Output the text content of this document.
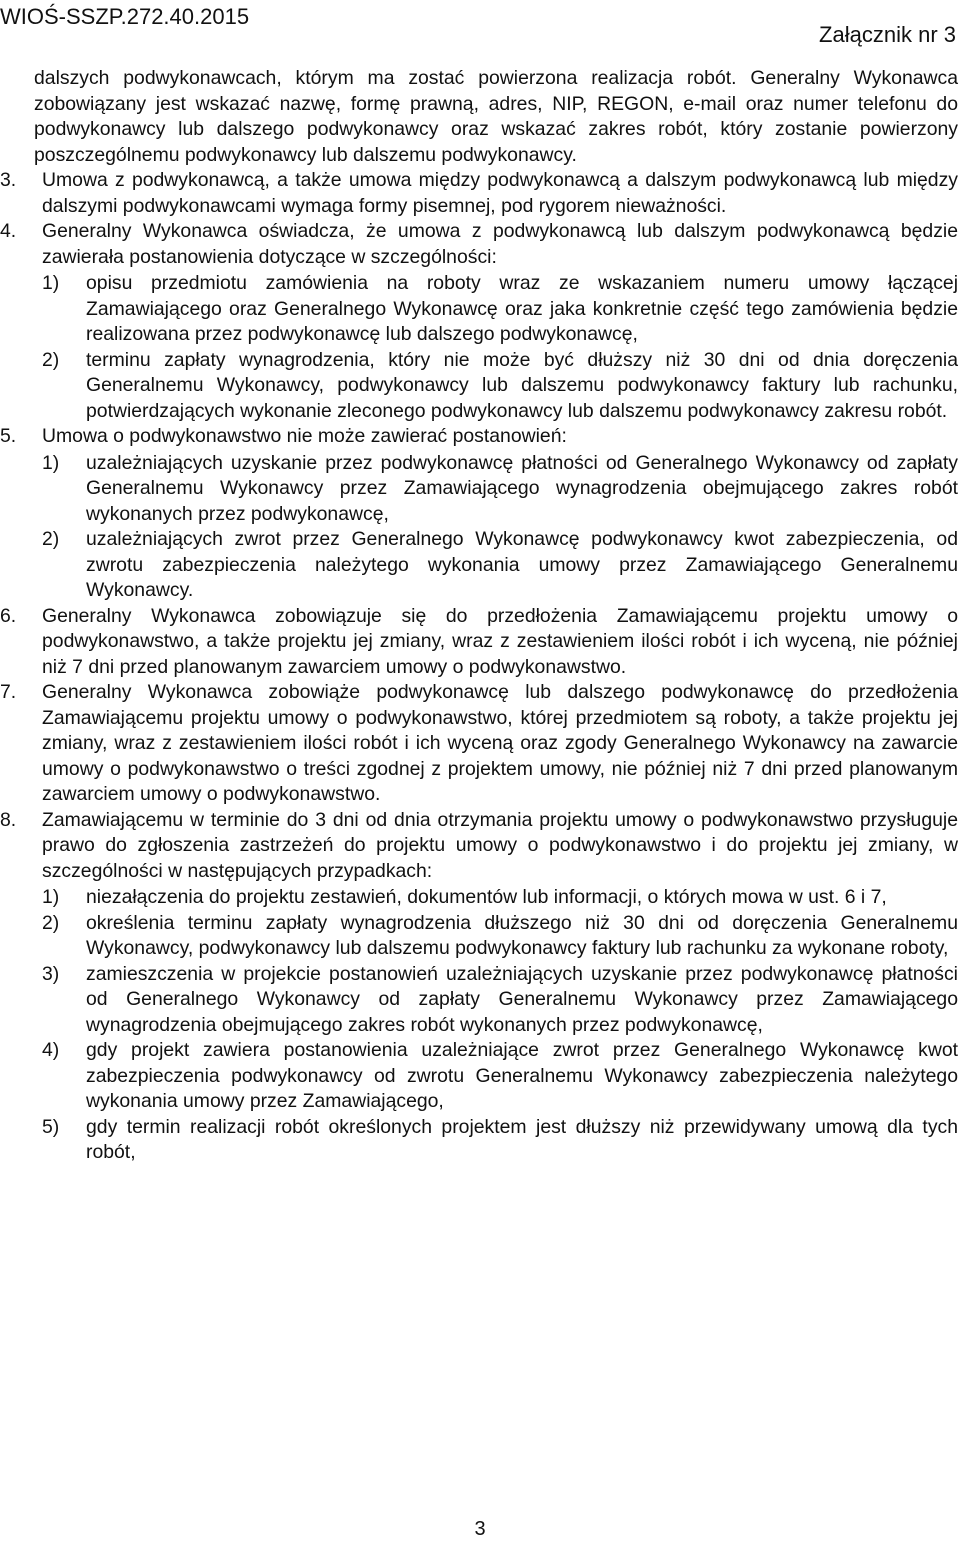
WIOŚ-SSZP.272.40.2015
Załącznik nr 3
dalszych podwykonawcach, którym ma zostać powierzona realizacja robót. Generalny Wykonawca zobowiązany jest wskazać nazwę, formę prawną, adres, NIP, REGON, e-mail oraz numer telefonu do podwykonawcy lub dalszego podwykonawcy oraz wskazać zakres robót, który zostanie powierzony poszczególnemu podwykonawcy lub dalszemu podwykonawcy.
3.	Umowa z podwykonawcą, a także umowa między podwykonawcą a dalszym podwykonawcą lub między dalszymi podwykonawcami wymaga formy pisemnej, pod rygorem nieważności.
4.	Generalny Wykonawca oświadcza, że umowa z podwykonawcą lub dalszym podwykonawcą będzie zawierała postanowienia dotyczące w szczególności:
1)	opisu przedmiotu zamówienia na roboty wraz ze wskazaniem numeru umowy łączącej Zamawiającego oraz Generalnego Wykonawcę oraz jaka konkretnie część tego zamówienia będzie realizowana przez podwykonawcę lub dalszego podwykonawcę,
2)	terminu zapłaty wynagrodzenia, który nie może być dłuższy niż 30 dni od dnia doręczenia Generalnemu Wykonawcy, podwykonawcy lub dalszemu podwykonawcy faktury lub rachunku, potwierdzających wykonanie zleconego podwykonawcy lub dalszemu podwykonawcy zakresu robót.
5.	Umowa o podwykonawstwo nie może zawierać postanowień:
1)	uzależniających uzyskanie przez podwykonawcę płatności od Generalnego Wykonawcy od zapłaty Generalnemu Wykonawcy przez Zamawiającego wynagrodzenia obejmującego zakres robót wykonanych przez podwykonawcę,
2)	uzależniających zwrot przez Generalnego Wykonawcę podwykonawcy kwot zabezpieczenia, od zwrotu zabezpieczenia należytego wykonania umowy przez Zamawiającego Generalnemu Wykonawcy.
6.	Generalny Wykonawca zobowiązuje się do przedłożenia Zamawiającemu projektu umowy o podwykonawstwo, a także projektu jej zmiany, wraz z zestawieniem ilości robót i ich wyceną, nie później niż 7 dni przed planowanym zawarciem umowy o podwykonawstwo.
7.	Generalny Wykonawca zobowiąże podwykonawcę lub dalszego podwykonawcę do przedłożenia Zamawiającemu projektu umowy o podwykonawstwo, której przedmiotem są roboty, a także projektu jej zmiany, wraz z zestawieniem ilości robót i ich wyceną oraz zgody Generalnego Wykonawcy na zawarcie umowy o podwykonawstwo o treści zgodnej z projektem umowy, nie później niż 7 dni przed planowanym zawarciem umowy o podwykonawstwo.
8.	Zamawiającemu w terminie do 3 dni od dnia otrzymania projektu umowy o podwykonawstwo przysługuje prawo do zgłoszenia zastrzeżeń do projektu umowy o podwykonawstwo i do projektu jej zmiany, w szczególności w następujących przypadkach:
1)	niezałączenia do projektu zestawień, dokumentów lub informacji, o których mowa w ust. 6 i 7,
2)	określenia terminu zapłaty wynagrodzenia dłuższego niż 30 dni od doręczenia Generalnemu Wykonawcy, podwykonawcy lub dalszemu podwykonawcy faktury lub rachunku za wykonane roboty,
3)	zamieszczenia w projekcie postanowień uzależniających uzyskanie przez podwykonawcę płatności od Generalnego Wykonawcy od zapłaty Generalnemu Wykonawcy przez Zamawiającego wynagrodzenia obejmującego zakres robót wykonanych przez podwykonawcę,
4)	gdy projekt zawiera postanowienia uzależniające zwrot przez Generalnego Wykonawcę kwot zabezpieczenia podwykonawcy od zwrotu Generalnemu Wykonawcy zabezpieczenia należytego wykonania umowy przez Zamawiającego,
5)	gdy termin realizacji robót określonych projektem jest dłuższy niż przewidywany umową dla tych robót,
3
